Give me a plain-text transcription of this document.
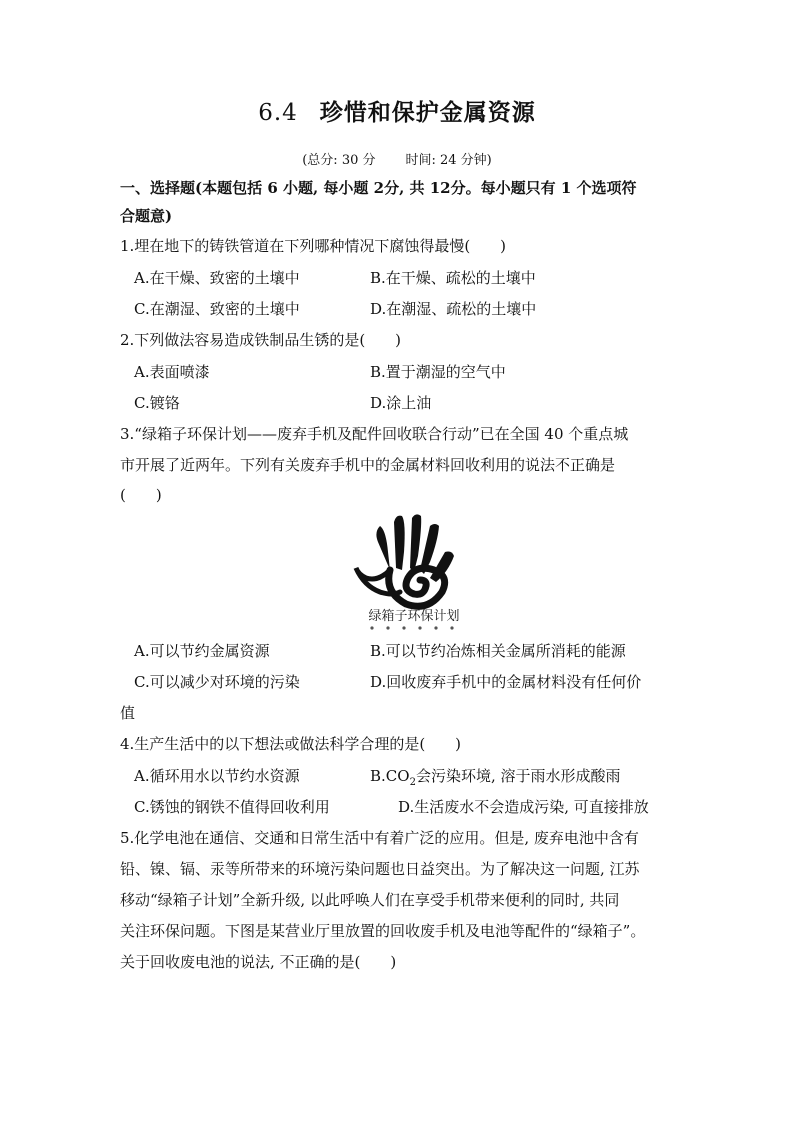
6.4 珍惜和保护金属资源
(总分: 30 分 时间: 24 分钟)
一、选择题(本题包括 6 小题, 每小题 2分, 共 12分。每小题只有 1 个选项符
合题意)
1.埋在地下的铸铁管道在下列哪种情况下腐蚀得最慢(　　)
A.在干燥、致密的土壤中	B.在干燥、疏松的土壤中
C.在潮湿、致密的土壤中	D.在潮湿、疏松的土壤中
2.下列做法容易造成铁制品生锈的是(　　)
A.表面喷漆	B.置于潮湿的空气中
C.镀铬	D.涂上油
3.“绿箱子环保计划——废弃手机及配件回收联合行动”已在全国 40 个重点城
市开展了近两年。下列有关废弃手机中的金属材料回收利用的说法不正确是
(　　)
绿箱子环保计划
A.可以节约金属资源	B.可以节约冶炼相关金属所消耗的能源
C.可以减少对环境的污染	D.回收废弃手机中的金属材料没有任何价
值
4.生产生活中的以下想法或做法科学合理的是(　　)
A.循环用水以节约水资源	$B.CO_2$会污染环境, 溶于雨水形成酸雨
C.锈蚀的钢铁不值得回收利用	D.生活废水不会造成污染, 可直接排放
5.化学电池在通信、交通和日常生活中有着广泛的应用。但是, 废弃电池中含有
铅、镍、镉、汞等所带来的环境污染问题也日益突出。为了解决这一问题, 江苏
移动“绿箱子计划”全新升级, 以此呼唤人们在享受手机带来便利的同时, 共同
关注环保问题。下图是某营业厅里放置的回收废手机及电池等配件的“绿箱子”。
关于回收废电池的说法, 不正确的是(　　)
